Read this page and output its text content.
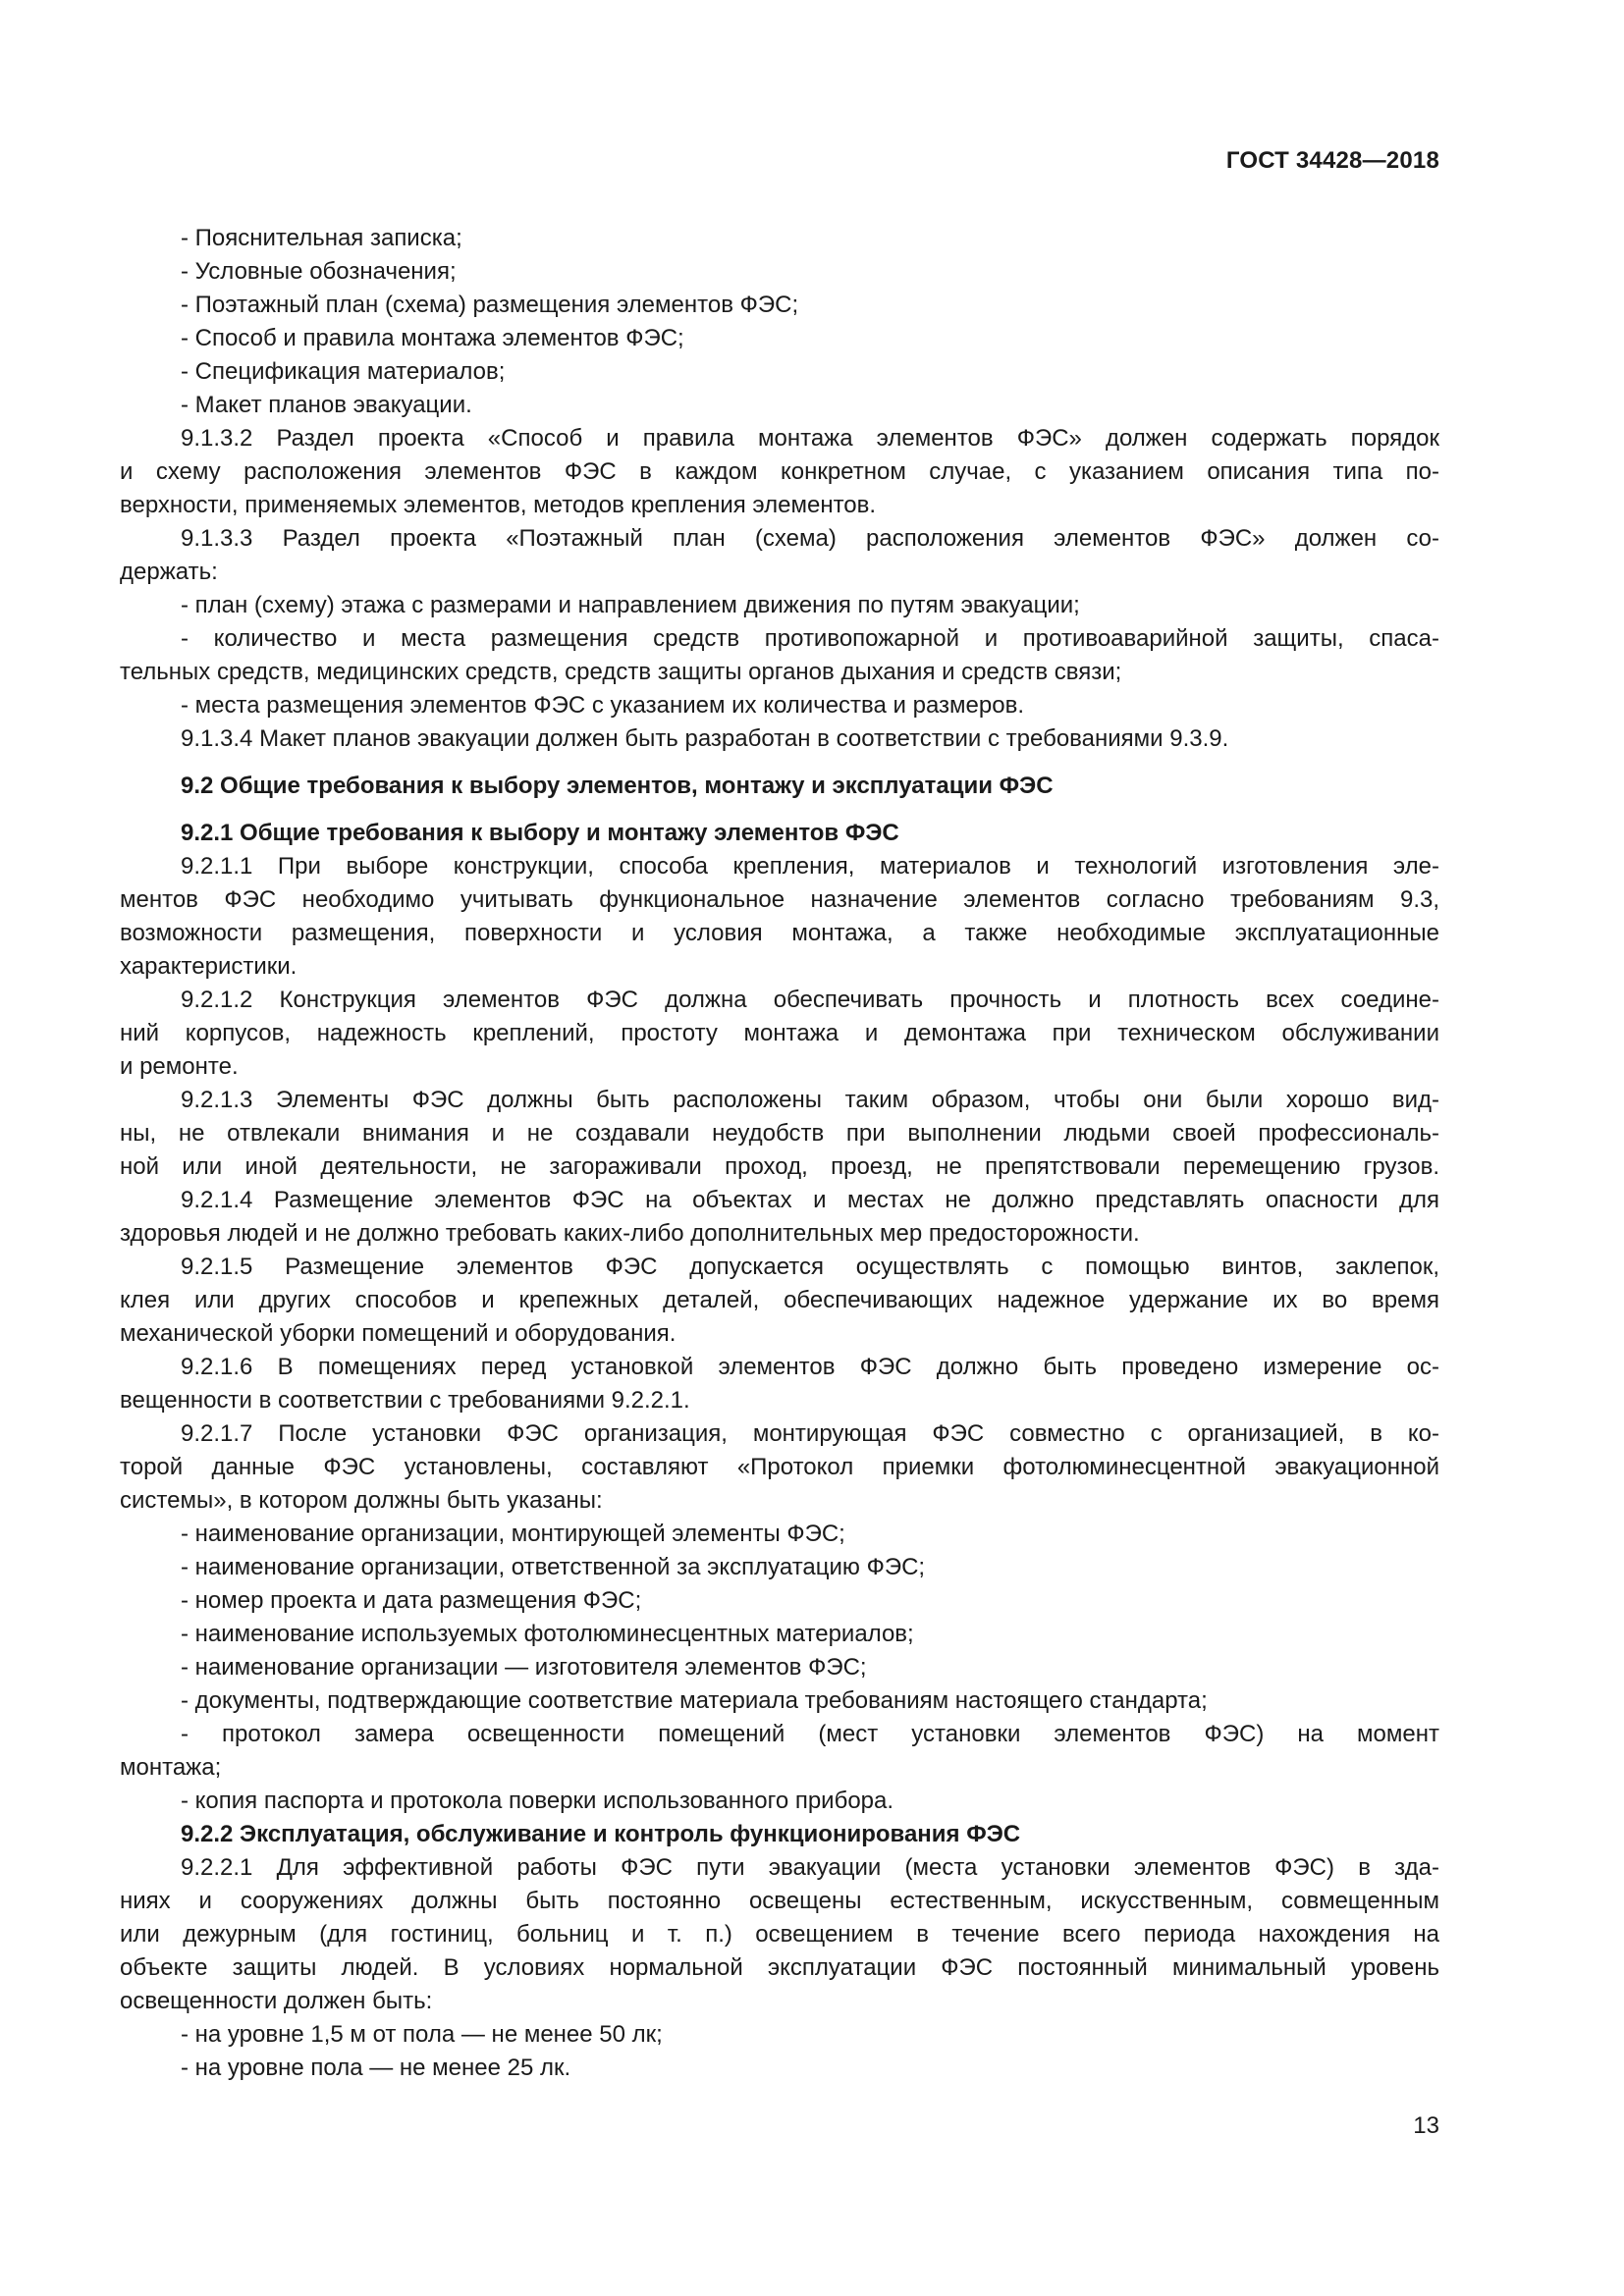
ГОСТ 34428—2018
- Пояснительная записка;
- Условные обозначения;
- Поэтажный план (схема) размещения элементов ФЭС;
- Способ и правила монтажа элементов ФЭС;
- Спецификация материалов;
- Макет планов эвакуации.
9.1.3.2 Раздел проекта «Способ и правила монтажа элементов ФЭС» должен содержать порядок
и схему расположения элементов ФЭС в каждом конкретном случае, с указанием описания типа по-
верхности, применяемых элементов, методов крепления элементов.
9.1.3.3 Раздел проекта «Поэтажный план (схема) расположения элементов ФЭС» должен со-
держать:
- план (схему) этажа с размерами и направлением движения по путям эвакуации;
- количество и места размещения средств противопожарной и противоаварийной защиты, спаса-
тельных средств, медицинских средств, средств защиты органов дыхания и средств связи;
- места размещения элементов ФЭС с указанием их количества и размеров.
9.1.3.4 Макет планов эвакуации должен быть разработан в соответствии с требованиями 9.3.9.
9.2 Общие требования к выбору элементов, монтажу и эксплуатации ФЭС
9.2.1 Общие требования к выбору и монтажу элементов ФЭС
9.2.1.1 При выборе конструкции, способа крепления, материалов и технологий изготовления эле-
ментов ФЭС необходимо учитывать функциональное назначение элементов согласно требованиям 9.3,
возможности размещения, поверхности и условия монтажа, а также необходимые эксплуатационные
характеристики.
9.2.1.2 Конструкция элементов ФЭС должна обеспечивать прочность и плотность всех соедине-
ний корпусов, надежность креплений, простоту монтажа и демонтажа при техническом обслуживании
и ремонте.
9.2.1.3 Элементы ФЭС должны быть расположены таким образом, чтобы они были хорошо вид-
ны, не отвлекали внимания и не создавали неудобств при выполнении людьми своей профессиональ-
ной или иной деятельности, не загораживали проход, проезд, не препятствовали перемещению грузов.
9.2.1.4 Размещение элементов ФЭС на объектах и местах не должно представлять опасности для
здоровья людей и не должно требовать каких-либо дополнительных мер предосторожности.
9.2.1.5 Размещение элементов ФЭС допускается осуществлять с помощью винтов, заклепок,
клея или других способов и крепежных деталей, обеспечивающих надежное удержание их во время
механической уборки помещений и оборудования.
9.2.1.6 В помещениях перед установкой элементов ФЭС должно быть проведено измерение ос-
вещенности в соответствии с требованиями 9.2.2.1.
9.2.1.7 После установки ФЭС организация, монтирующая ФЭС совместно с организацией, в ко-
торой данные ФЭС установлены, составляют «Протокол приемки фотолюминесцентной эвакуационной
системы», в котором должны быть указаны:
- наименование организации, монтирующей элементы ФЭС;
- наименование организации, ответственной за эксплуатацию ФЭС;
- номер проекта и дата размещения ФЭС;
- наименование используемых фотолюминесцентных материалов;
- наименование организации — изготовителя элементов ФЭС;
- документы, подтверждающие соответствие материала требованиям настоящего стандарта;
- протокол замера освещенности помещений (мест установки элементов ФЭС) на момент
монтажа;
- копия паспорта и протокола поверки использованного прибора.
9.2.2 Эксплуатация, обслуживание и контроль функционирования ФЭС
9.2.2.1 Для эффективной работы ФЭС пути эвакуации (места установки элементов ФЭС) в зда-
ниях и сооружениях должны быть постоянно освещены естественным, искусственным, совмещенным
или дежурным (для гостиниц, больниц и т. п.) освещением в течение всего периода нахождения на
объекте защиты людей. В условиях нормальной эксплуатации ФЭС постоянный минимальный уровень
освещенности должен быть:
- на уровне 1,5 м от пола — не менее 50 лк;
- на уровне пола — не менее 25 лк.
13
